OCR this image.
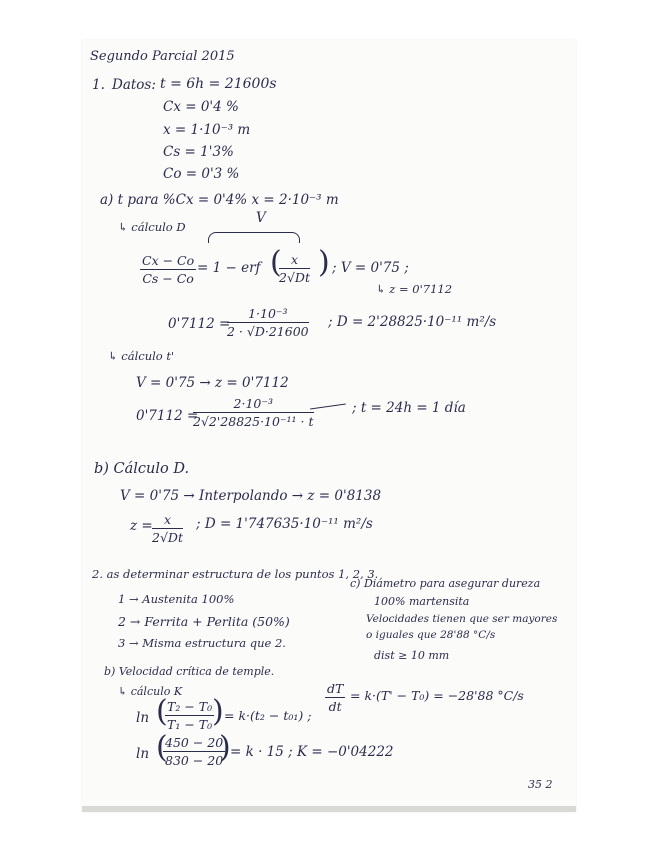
Segundo Parcial 2015
1. Datos: t = 6h = 21600s
Cx = 0'4 %
x = 1·10⁻³ m
Cs = 1'3%
Co = 0'3 %
a) t para %Cx = 0'4% x = 2·10⁻³ m
↳ cálculo D
V
$\frac{Cx - Co}{Cs - Co} = 1$ − erf (
$\frac{x}{2√Dt}$ ) ; V = 0'75 ;
↳ z = 0'7112
0'7112 =
$\frac{\text{1·10⁻³}}{2 \cdot √D\cdot 21600}$ ; D = 2'28825·10⁻¹¹ m²/s
↳ cálculo t'
V = 0'75 → z = 0'7112
0'7112 =
$\frac{\text{2·10⁻³}}{\text{2√2'28825·10⁻¹¹ · t}}$	; t = 24h = 1 día
b) Cálculo D.
V = 0'75 → Interpolando → z = 0'8138
$z = \frac{x}{2√Dt}$ ; D = 1'747635·10⁻¹¹ m²/s
2. as determinar estructura de los puntos 1, 2, 3.
1 → Austenita 100%
2 → Ferrita + Perlita (50%)
3 → Misma estructura que 2.
c) Diámetro para asegurar dureza
100% martensita
Velocidades tienen que ser mayores
o iguales que 28'88 °C/s
dist ≥ 10 mm
b) Velocidad crítica de temple.
↳ cálculo K
ln (
$\frac{\text{T₂ − T₀}}{\text{T₁ − T₀}}$
) = k·(t₂ − t₀₁) ;
$\frac{dT}{dt} = k\cdot(T' - T_0) = -28'88$ °C/s
ln (
$\frac{450 - 20}{830 - 20}$
) = k · 15 ; K = −0'04222
35 2
